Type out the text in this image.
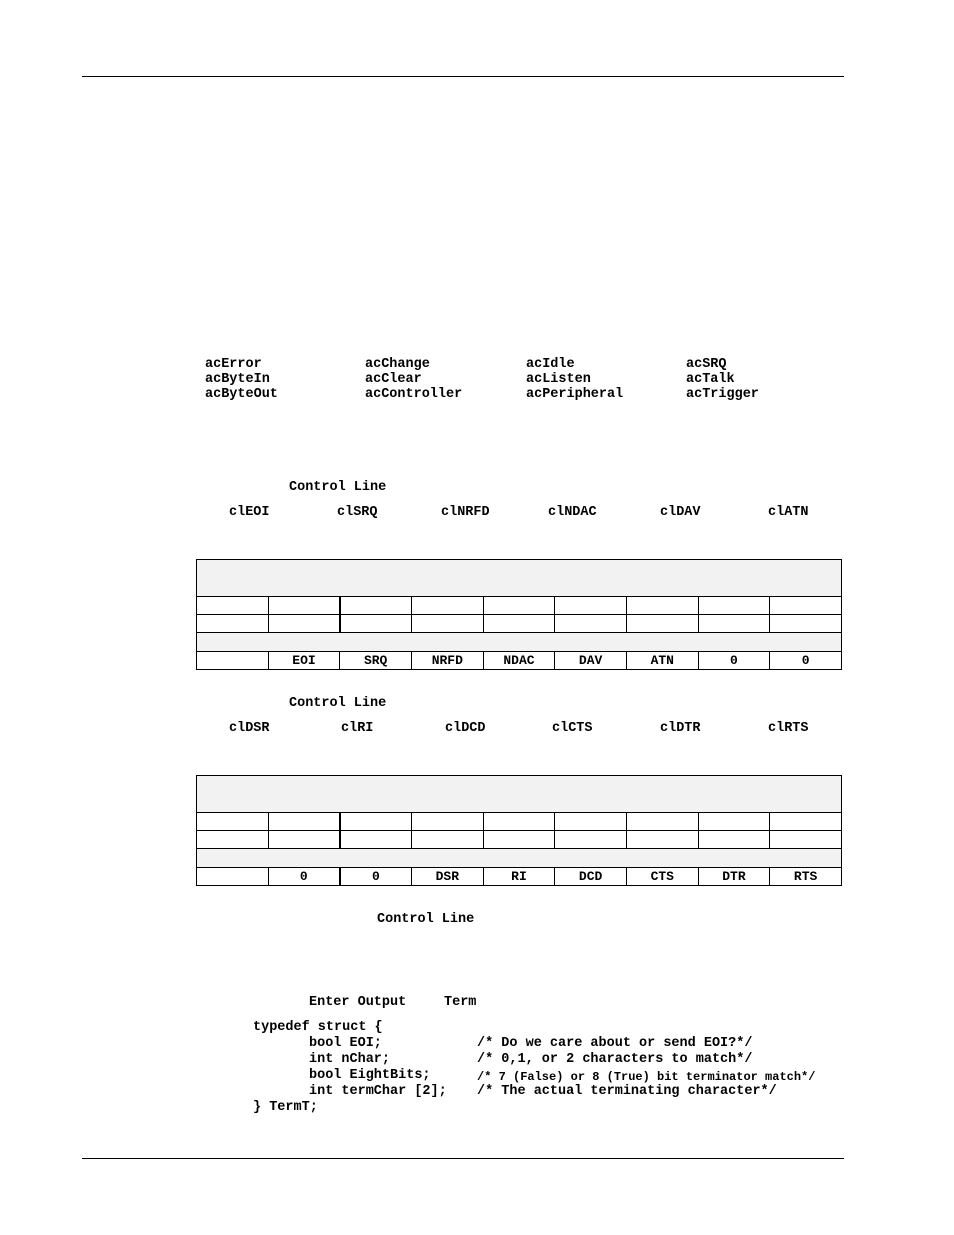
acError	acChange	acIdle	acSRQ
acByteIn	acClear	acListen	acTalk
acByteOut	acController	acPeripheral	acTrigger
Control Line
clEOI	clSRQ	clNRFD	clNDAC	clDAV	clATN

	EOI	SRQ	NRFD	NDAC	DAV	ATN	0	0
Control Line
clDSR	clRI	clDCD	clCTS	clDTR	clRTS

	0	0	DSR	RI	DCD	CTS	DTR	RTS
Control Line
Enter Output	Term
typedef struct {
bool EOI;	/* Do we care about or send EOI?*/
int nChar;	/* 0,1, or 2 characters to match*/
bool EightBits;	/* 7 (False) or 8 (True) bit terminator match*/
int termChar [2]; /* The actual terminating character*/
} TermT;
